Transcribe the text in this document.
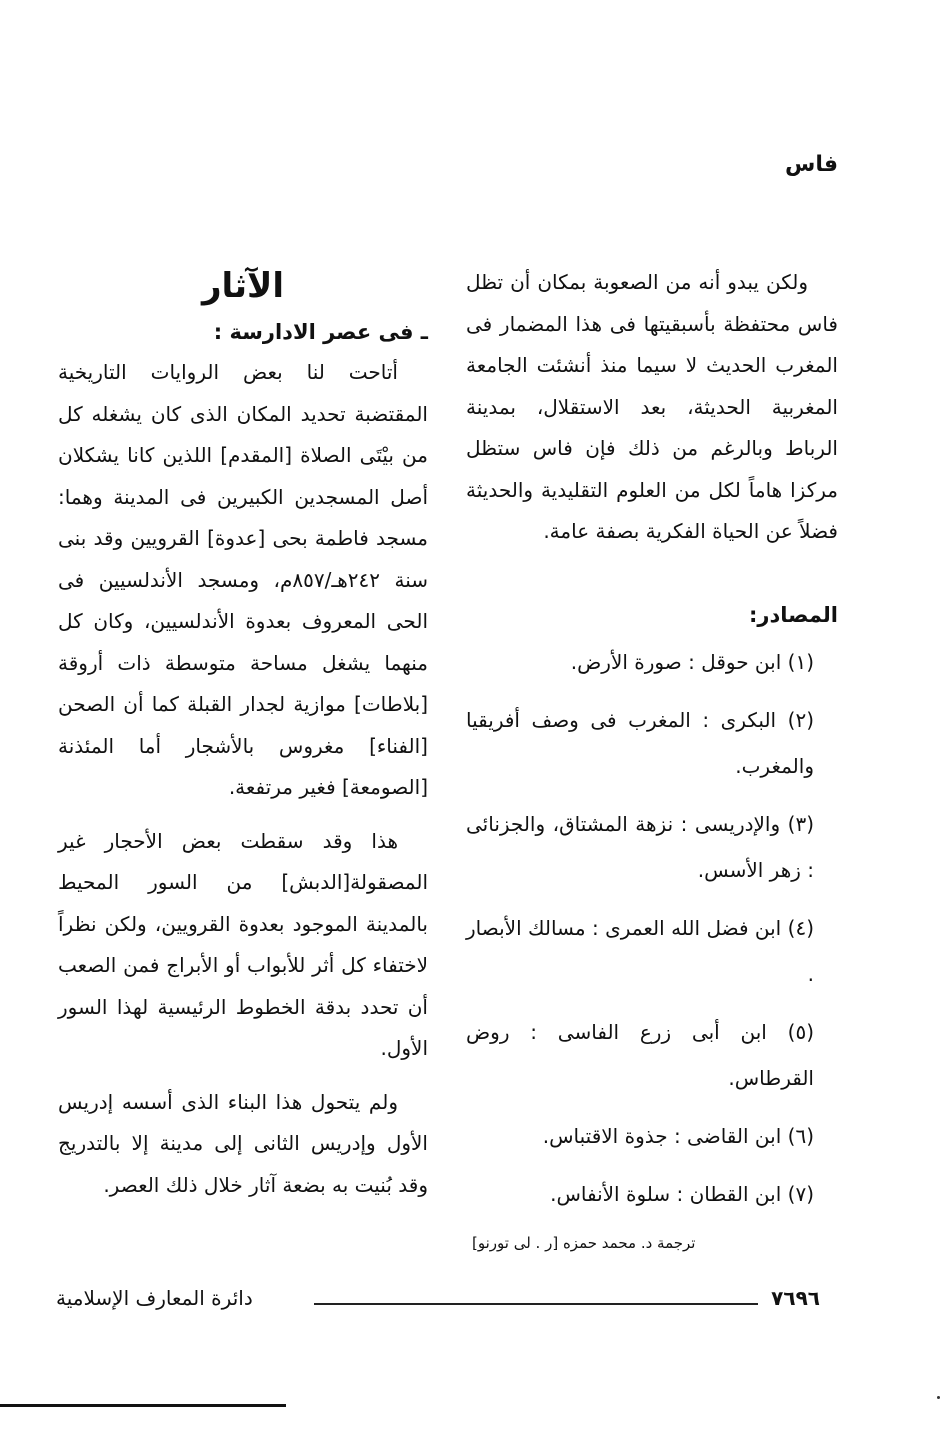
فاس

ولكن يبدو أنه من الصعوبة بمكان أن تظل فاس محتفظة بأسبقيتها فى هذا المضمار فى المغرب الحديث لا سيما منذ أنشئت الجامعة المغربية الحديثة، بعد الاستقلال، بمدينة الرباط وبالرغم من ذلك فإن فاس ستظل مركزا هاماً لكل من العلوم التقليدية والحديثة فضلاً عن الحياة الفكرية بصفة عامة.

المصادر:
(١) ابن حوقل : صورة الأرض.
(٢) البكرى : المغرب فى وصف أفريقيا والمغرب.
(٣) والإدريسى : نزهة المشتاق، والجزنائى : زهر الأسس.
(٤) ابن فضل الله العمرى : مسالك الأبصار .
(٥) ابن أبى زرع الفاسى : روض القرطاس.
(٦) ابن القاضى : جذوة الاقتباس.
(٧) ابن القطان : سلوة الأنفاس.
ترجمة د. محمد حمزه [ر . لى تورنو]
الآثار
ـ فى عصر الادارسة :

أتاحت لنا بعض الروايات التاريخية المقتضبة تحديد المكان الذى كان يشغله كل من بيْتَى الصلاة [المقدم] اللذين كانا يشكلان أصل المسجدين الكبيرين فى المدينة وهما: مسجد فاطمة بحى [عدوة] القرويين وقد بنى سنة ٢٤٢هـ/٨٥٧م، ومسجد الأندلسيين فى الحى المعروف بعدوة الأندلسيين، وكان كل منهما يشغل مساحة متوسطة ذات أروقة [بلاطات] موازية لجدار القبلة كما أن الصحن [الفناء] مغروس بالأشجار أما المئذنة [الصومعة] فغير مرتفعة.

هذا وقد سقطت بعض الأحجار غير المصقولة[الدبش] من السور المحيط بالمدينة الموجود بعدوة القرويين، ولكن نظراً لاختفاء كل أثر للأبواب أو الأبراج فمن الصعب أن تحدد بدقة الخطوط الرئيسية لهذا السور الأول.

ولم يتحول هذا البناء الذى أسسه إدريس الأول وإدريس الثانى إلى مدينة إلا بالتدريج وقد بُنيت به بضعة آثار خلال ذلك العصر.

دائرة المعارف الإسلامية	٧٦٩٦
